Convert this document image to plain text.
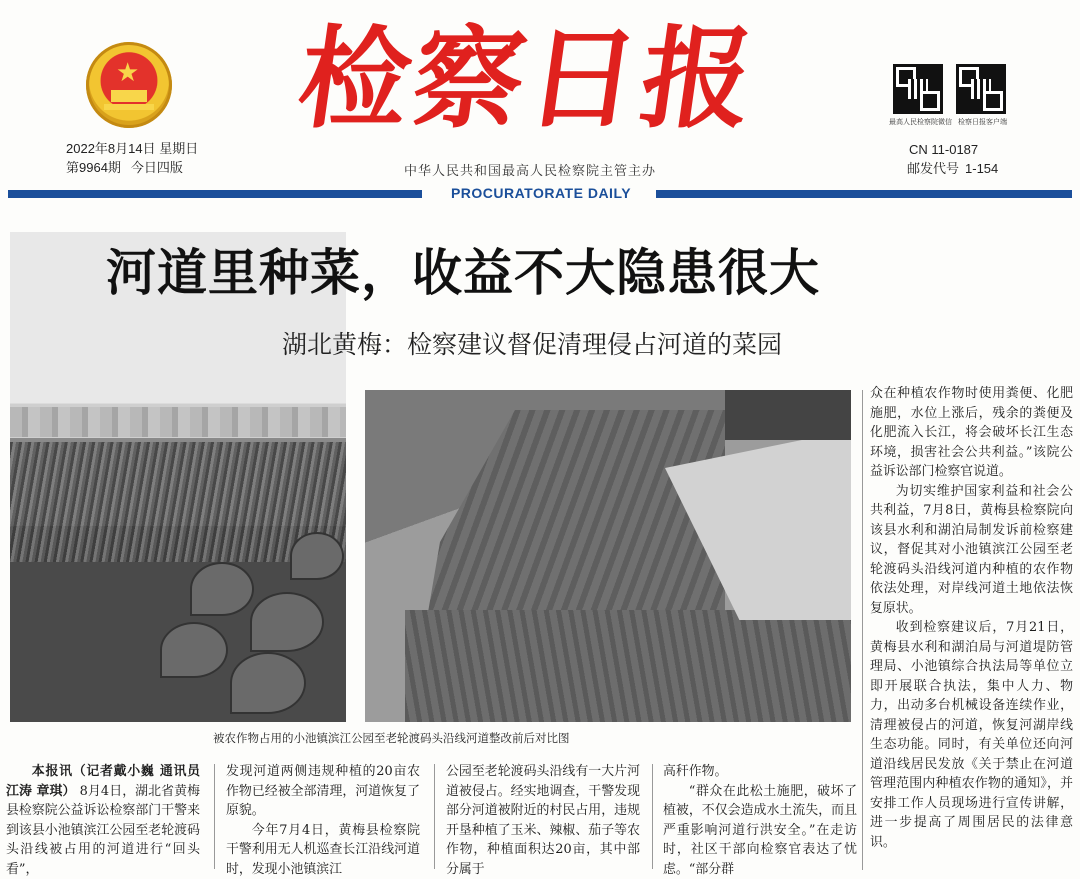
★ 检察日报
2022年8月14日 星期日
第9964期 今日四版	中华人民共和国最高人民检察院主管主办
最高人民检察院微信 检察日报客户端
CN 11-0187
邮发代号 1-154
PROCURATORATE DAILY
被农作物占用的小池镇滨江公园至老轮渡码头沿线河道整改前后对比图
河道里种菜，收益不大隐患很大
湖北黄梅：检察建议督促清理侵占河道的菜园

众在种植农作物时使用粪便、化肥施肥，水位上涨后，残余的粪便及化肥流入长江，将会破坏长江生态环境，损害社会公共利益。”该院公益诉讼部门检察官说道。

为切实维护国家利益和社会公共利益，7月8日，黄梅县检察院向该县水利和湖泊局制发诉前检察建议，督促其对小池镇滨江公园至老轮渡码头沿线河道内种植的农作物依法处理，对岸线河道土地依法恢复原状。

收到检察建议后，7月21日，黄梅县水利和湖泊局与河道堤防管理局、小池镇综合执法局等单位立即开展联合执法，集中人力、物力，出动多台机械设备连续作业，清理被侵占的河道，恢复河湖岸线生态功能。同时，有关单位还向河道沿线居民发放《关于禁止在河道管理范围内种植农作物的通知》，并安排工作人员现场进行宣传讲解，进一步提高了周围居民的法律意识。

本报讯（记者戴小巍 通讯员江涛 章琪） 8月4日，湖北省黄梅县检察院公益诉讼检察部门干警来到该县小池镇滨江公园至老轮渡码头沿线被占用的河道进行“回头看”，

发现河道两侧违规种植的20亩农作物已经被全部清理，河道恢复了原貌。

今年7月4日，黄梅县检察院干警利用无人机巡查长江沿线河道时，发现小池镇滨江

公园至老轮渡码头沿线有一大片河道被侵占。经实地调查，干警发现部分河道被附近的村民占用，违规开垦种植了玉米、辣椒、茄子等农作物，种植面积达20亩，其中部分属于

高秆作物。

“群众在此松土施肥，破坏了植被，不仅会造成水土流失，而且严重影响河道行洪安全。”在走访时，社区干部向检察官表达了忧虑。“部分群
